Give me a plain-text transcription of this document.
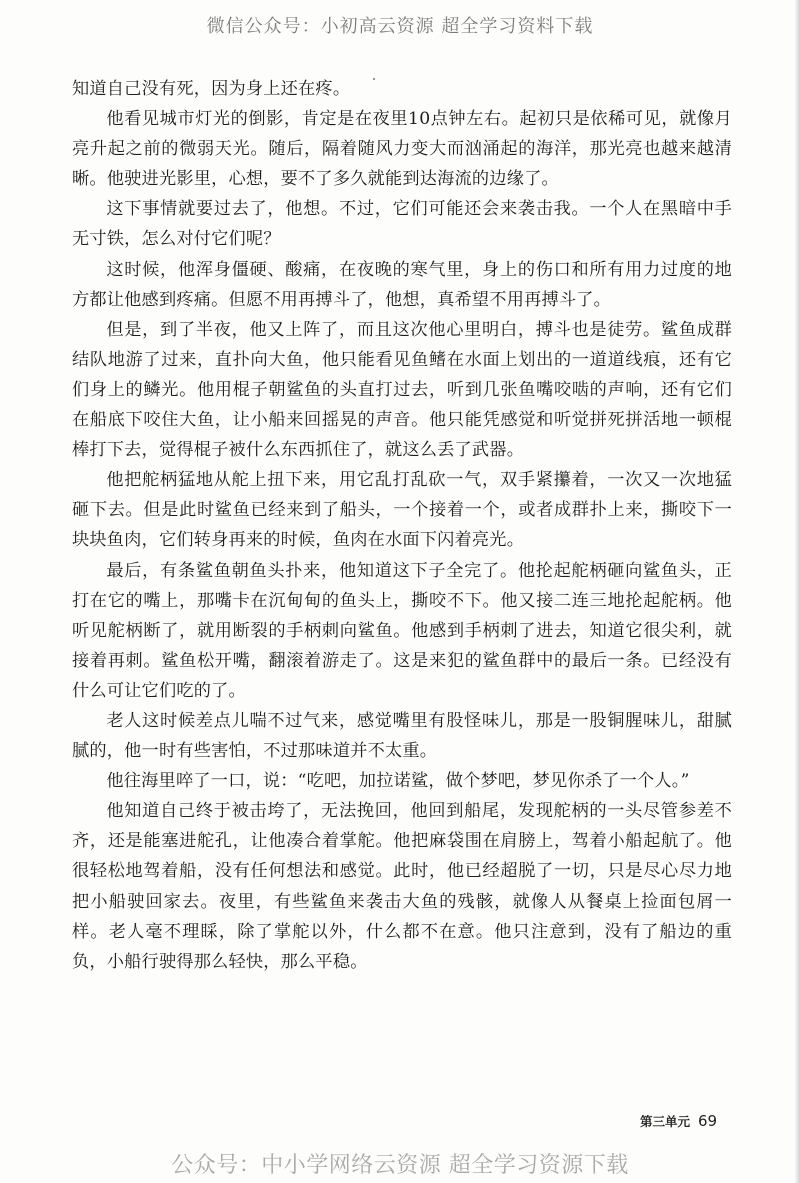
微信公众号：小初高云资源 超全学习资料下载

知道自己没有死，因为身上还在疼。

他看见城市灯光的倒影，肯定是在夜里10点钟左右。起初只是依稀可见，就像月亮升起之前的微弱天光。随后，隔着随风力变大而汹涌起的海洋，那光亮也越来越清晰。他驶进光影里，心想，要不了多久就能到达海流的边缘了。

这下事情就要过去了，他想。不过，它们可能还会来袭击我。一个人在黑暗中手无寸铁，怎么对付它们呢？

这时候，他浑身僵硬、酸痛，在夜晚的寒气里，身上的伤口和所有用力过度的地方都让他感到疼痛。但愿不用再搏斗了，他想，真希望不用再搏斗了。

但是，到了半夜，他又上阵了，而且这次他心里明白，搏斗也是徒劳。鲨鱼成群结队地游了过来，直扑向大鱼，他只能看见鱼鳍在水面上划出的一道道线痕，还有它们身上的鳞光。他用棍子朝鲨鱼的头直打过去，听到几张鱼嘴咬啮的声响，还有它们在船底下咬住大鱼，让小船来回摇晃的声音。他只能凭感觉和听觉拼死拼活地一顿棍棒打下去，觉得棍子被什么东西抓住了，就这么丢了武器。

他把舵柄猛地从舵上扭下来，用它乱打乱砍一气，双手紧攥着，一次又一次地猛砸下去。但是此时鲨鱼已经来到了船头，一个接着一个，或者成群扑上来，撕咬下一块块鱼肉，它们转身再来的时候，鱼肉在水面下闪着亮光。

最后，有条鲨鱼朝鱼头扑来，他知道这下子全完了。他抡起舵柄砸向鲨鱼头，正打在它的嘴上，那嘴卡在沉甸甸的鱼头上，撕咬不下。他又接二连三地抡起舵柄。他听见舵柄断了，就用断裂的手柄刺向鲨鱼。他感到手柄刺了进去，知道它很尖利，就接着再刺。鲨鱼松开嘴，翻滚着游走了。这是来犯的鲨鱼群中的最后一条。已经没有什么可让它们吃的了。

老人这时候差点儿喘不过气来，感觉嘴里有股怪味儿，那是一股铜腥味儿，甜腻腻的，他一时有些害怕，不过那味道并不太重。

他往海里啐了一口，说：“吃吧，加拉诺鲨，做个梦吧，梦见你杀了一个人。”

他知道自己终于被击垮了，无法挽回，他回到船尾，发现舵柄的一头尽管参差不齐，还是能塞进舵孔，让他凑合着掌舵。他把麻袋围在肩膀上，驾着小船起航了。他很轻松地驾着船，没有任何想法和感觉。此时，他已经超脱了一切，只是尽心尽力地把小船驶回家去。夜里，有些鲨鱼来袭击大鱼的残骸，就像人从餐桌上捡面包屑一样。老人毫不理睬，除了掌舵以外，什么都不在意。他只注意到，没有了船边的重负，小船行驶得那么轻快，那么平稳。

第三单元 69
公众号：中小学网络云资源 超全学习资源下载
